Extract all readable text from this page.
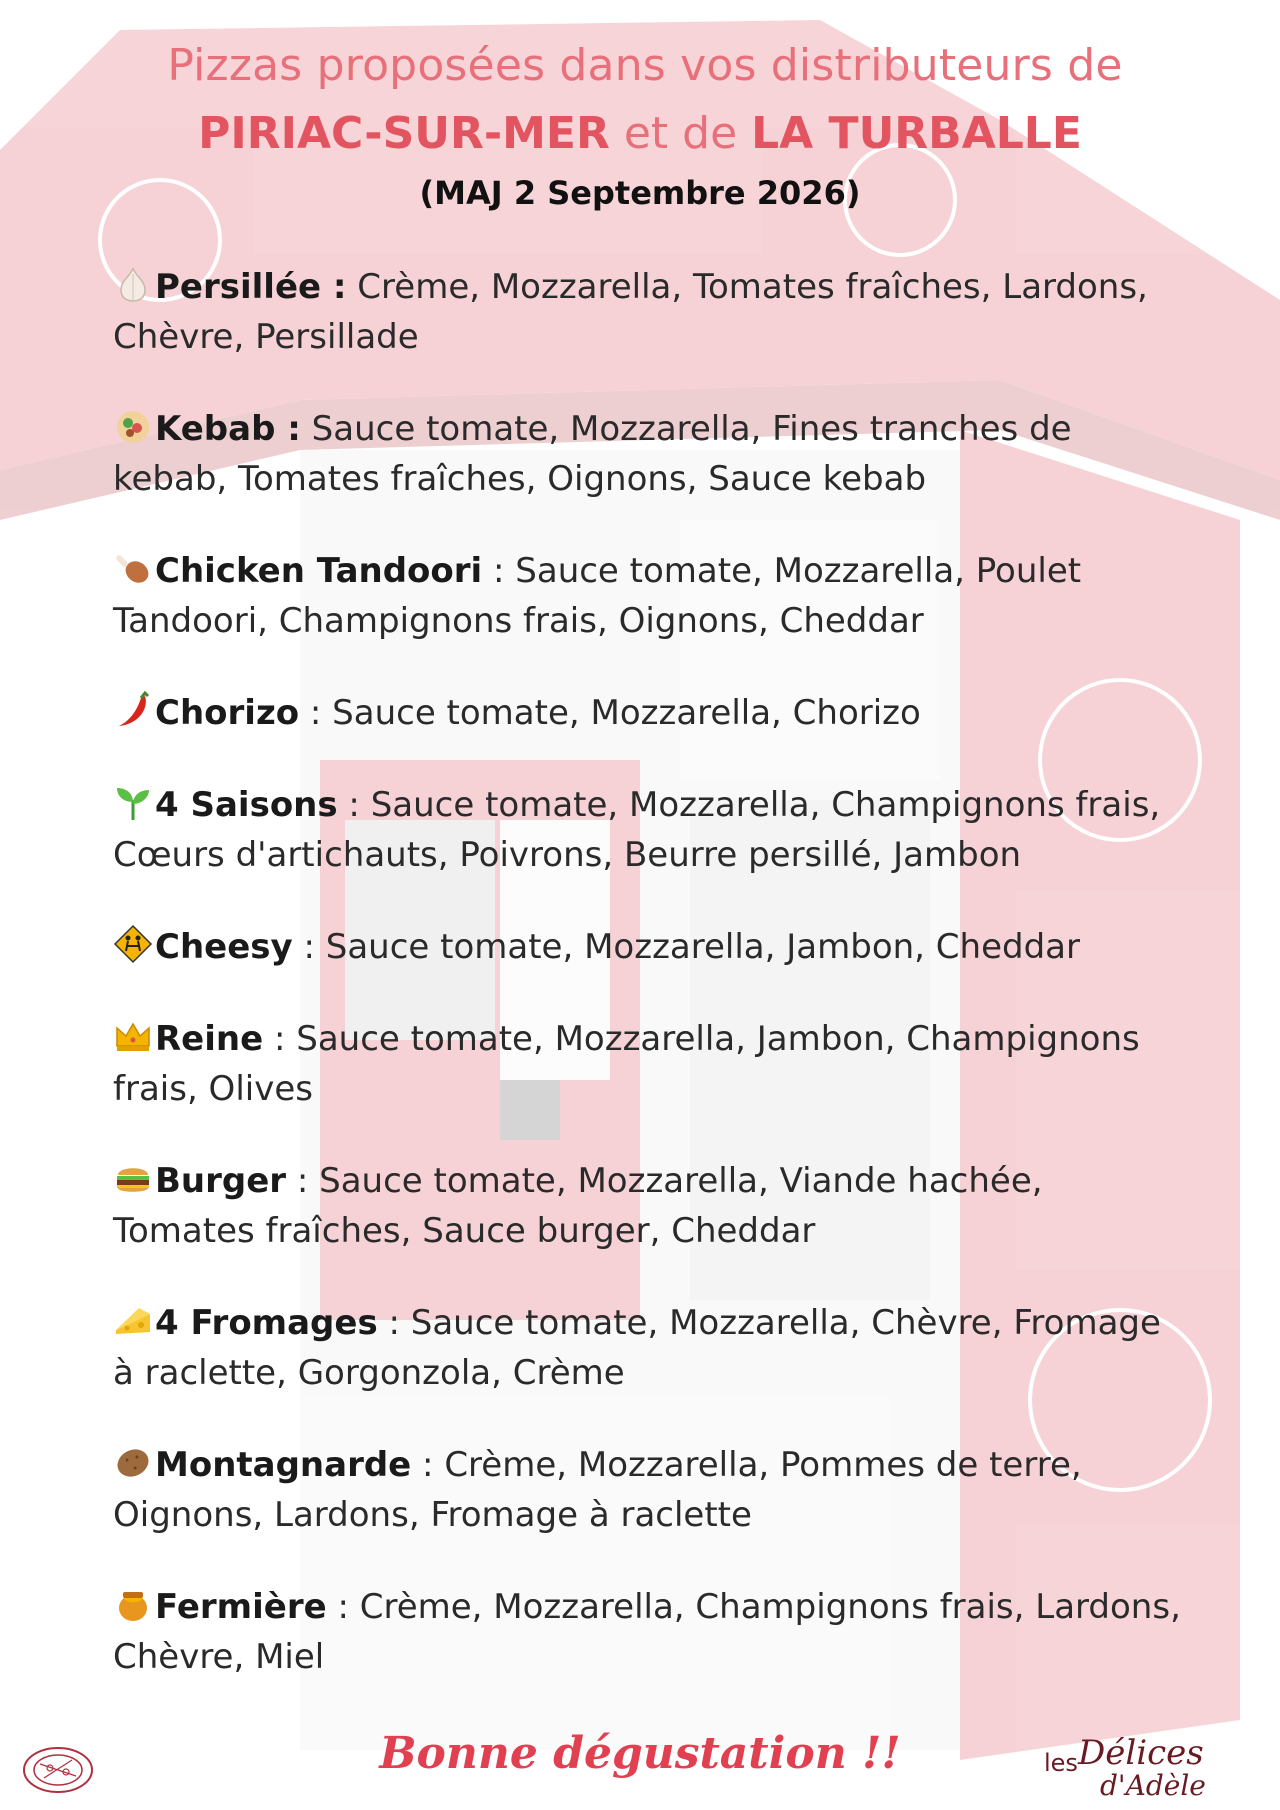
Pizzas proposées dans vos distributeurs de
PIRIAC-SUR-MER et de LA TURBALLE
(MAJ 2 Septembre 2026)
Persillée : Crème, Mozzarella, Tomates fraîches, Lardons, Chèvre, Persillade
Kebab : Sauce tomate, Mozzarella, Fines tranches de kebab, Tomates fraîches, Oignons, Sauce kebab
Chicken Tandoori : Sauce tomate, Mozzarella, Poulet Tandoori, Champignons frais, Oignons, Cheddar
Chorizo : Sauce tomate, Mozzarella, Chorizo
4 Saisons : Sauce tomate, Mozzarella, Champignons frais, Cœurs d'artichauts, Poivrons, Beurre persillé, Jambon
Cheesy : Sauce tomate, Mozzarella, Jambon, Cheddar
Reine : Sauce tomate, Mozzarella, Jambon, Champignons frais, Olives
Burger : Sauce tomate, Mozzarella, Viande hachée, Tomates fraîches, Sauce burger, Cheddar
4 Fromages : Sauce tomate, Mozzarella, Chèvre, Fromage à raclette, Gorgonzola, Crème
Montagnarde : Crème, Mozzarella, Pommes de terre, Oignons, Lardons, Fromage à raclette
Fermière : Crème, Mozzarella, Champignons frais, Lardons, Chèvre, Miel
Bonne dégustation !!	les Délices
d'Adèle
